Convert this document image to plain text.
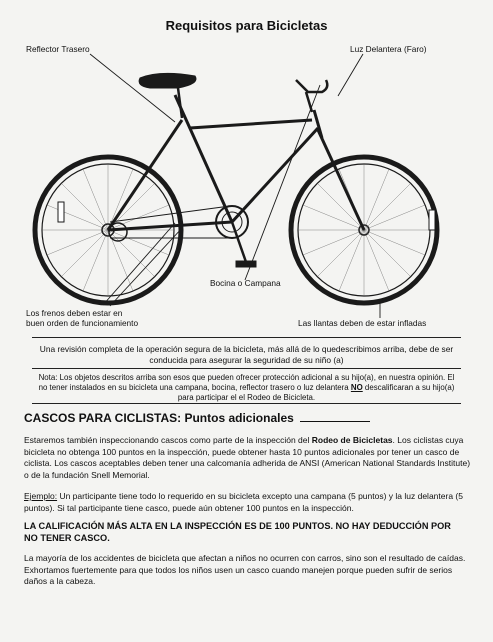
Requisitos para Bicicletas
Reflector Trasero	Luz Delantera (Faro)
Bocina o Campana
Los frenos deben estar en
buen orden de funcionamiento	Las llantas deben de estar infladas
Una revisión completa de la operación segura de la bicicleta, más allá de lo quedescribimos arriba, debe de ser conducida para asegurar la seguridad de su niño (a)
Nota: Los objetos descritos arriba son esos que pueden ofrecer protección adicional a su hijo(a), en nuestra opinión. El no tener instalados en su bicicleta una campana, bocina, reflector trasero o luz delantera NO descalificaran a su hijo(a) para participar el el Rodeo de Bicicleta.
CASCOS PARA CICLISTAS: Puntos adicionales
Estaremos también inspeccionando cascos como parte de la inspección del Rodeo de Bicicletas. Los ciclistas cuya bicicleta no obtenga 100 puntos en la inspección, puede obtener hasta 10 puntos adicionales por tener un casco de ciclista. Los cascos aceptables deben tener una calcomanía adherida de ANSI (American National Standards Institute) o de la fundación Snell Memorial.
Ejemplo: Un participante tiene todo lo requerido en su bicicleta excepto una campana (5 puntos) y la luz delantera (5 puntos). Si tal participante tiene casco, puede aún obtener 100 puntos en la inspección.
LA CALIFICACIÓN MÁS ALTA EN LA INSPECCIÓN ES DE 100 PUNTOS. NO HAY DEDUCCIÓN POR NO TENER CASCO.
La mayoría de los accidentes de bicicleta que afectan a niños no ocurren con carros, sino son el resultado de caídas. Exhortamos fuertemente para que todos los niños usen un casco cuando manejen porque pueden sufrir de serios daños a la cabeza.
